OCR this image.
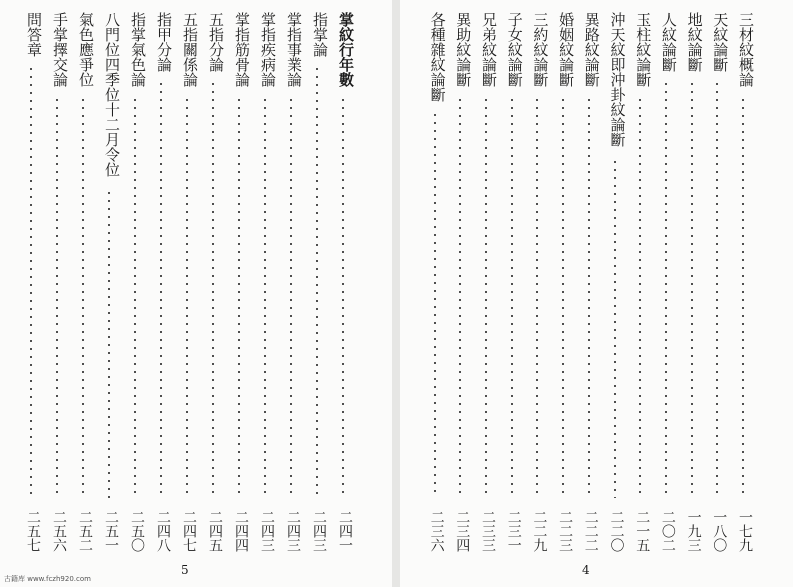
5	4
古籍库 www.fczh920.com
掌紋行年數
二四一
指掌論
二四三
掌指事業論
二四三
掌指疾病論
二四三
掌指筋骨論
二四四
五指分論
二四五
五指關係論
二四七
指甲分論
二四八
指掌氣色論
二五〇
八門位四季位十二月令位
二五一
氣色應爭位
二五二
手掌擇交論
二五六
問答章
二五七
三材紋概論
一七九
天紋論斷
一八〇
地紋論斷
一九三
人紋論斷
二〇二
玉柱紋論斷
二一五
沖天紋即沖卦紋論斷
二二〇
異路紋論斷
二二二
婚姻紋論斷
二二三
三約紋論斷
二二九
子女紋論斷
二三一
兄弟紋論斷
二三三
異助紋論斷
二三四
各種雜紋論斷
二三六
